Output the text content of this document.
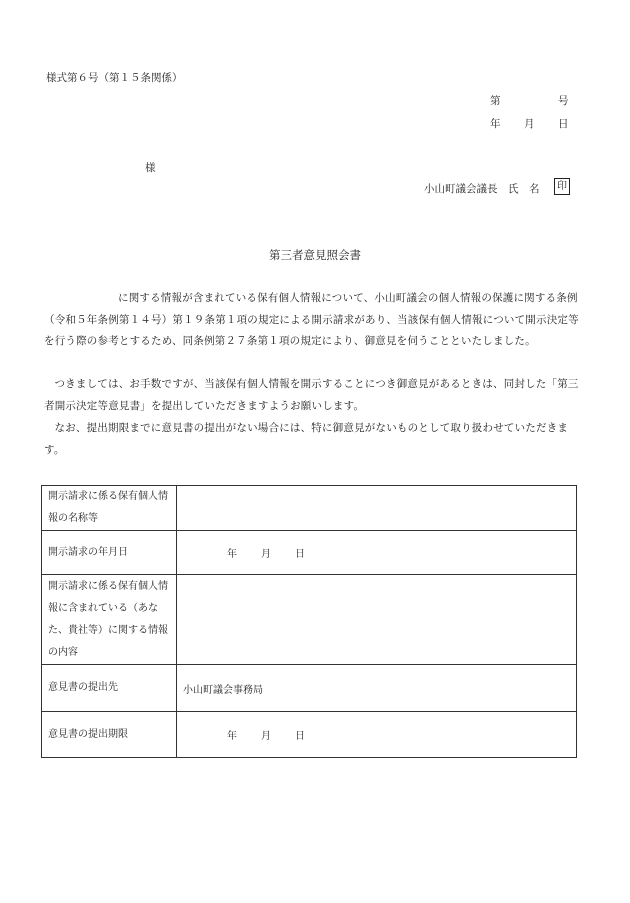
様式第６号（第１５条関係）
第	号
年 月 日
様
小山町議会議長　氏　名	印
第三者意見照会書
に関する情報が含まれている保有個人情報について、小山町議会の個人情報の保護に関する条例（令和５年条例第１４号）第１９条第１項の規定による開示請求があり、当該保有個人情報について開示決定等を行う際の参考とするため、同条例第２７条第１項の規定により、御意見を伺うことといたしました。
つきましては、お手数ですが、当該保有個人情報を開示することにつき御意見があるときは、同封した「第三者開示決定等意見書」を提出していただきますようお願いします。
なお、提出期限までに意見書の提出がない場合には、特に御意見がないものとして取り扱わせていただきます。
開示請求に係る保有個人情報の名称等	
開示請求の年月日	年 月 日
開示請求に係る保有個人情報に含まれている（あなた、貴社等）に関する情報の内容	
意見書の提出先	小山町議会事務局
意見書の提出期限	年 月 日
